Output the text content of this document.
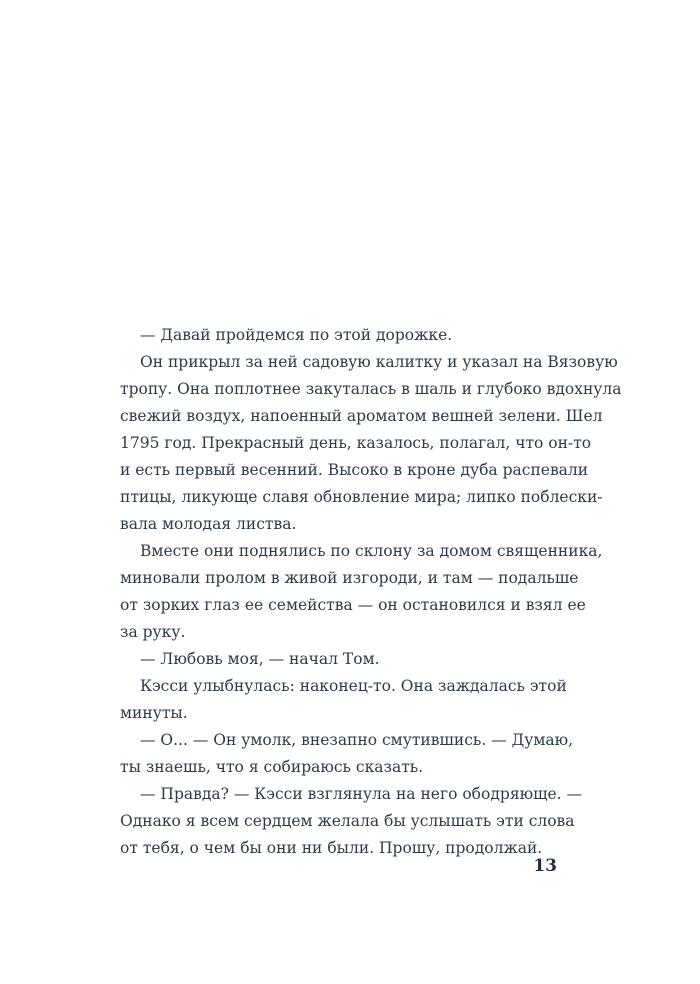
— Давай пройдемся по этой дорожке.
Он прикрыл за ней садовую калитку и указал на Вязовую
тропу. Она поплотнее закуталась в шаль и глубоко вдохнула
свежий воздух, напоенный ароматом вешней зелени. Шел
1795 год. Прекрасный день, казалось, полагал, что он-то
и есть первый весенний. Высоко в кроне дуба распевали
птицы, ликующе славя обновление мира; липко поблески-
вала молодая листва.
Вместе они поднялись по склону за домом священника,
миновали пролом в живой изгороди, и там — подальше
от зорких глаз ее семейства — он остановился и взял ее
за руку.
— Любовь моя, — начал Том.
Кэсси улыбнулась: наконец-то. Она заждалась этой
минуты.
— О... — Он умолк, внезапно смутившись. — Думаю,
ты знаешь, что я собираюсь сказать.
— Правда? — Кэсси взглянула на него ободряюще. —
Однако я всем сердцем желала бы услышать эти слова
от тебя, о чем бы они ни были. Прошу, продолжай.
13
